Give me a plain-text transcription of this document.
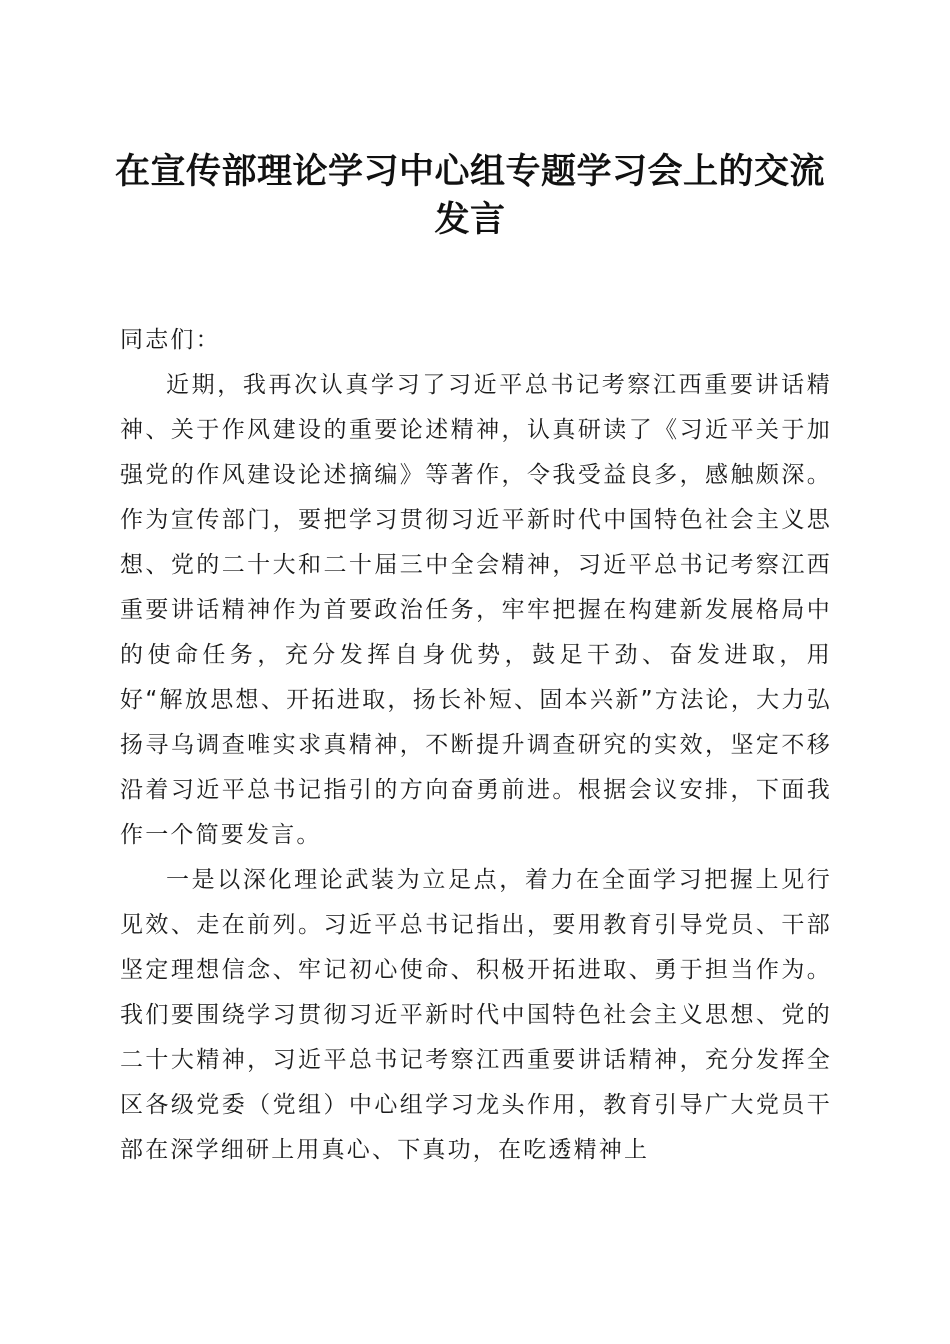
在宣传部理论学习中心组专题学习会上的交流发言

同志们：

近期，我再次认真学习了习近平总书记考察江西重要讲话精神、关于作风建设的重要论述精神，认真研读了《习近平关于加强党的作风建设论述摘编》等著作，令我受益良多，感触颇深。作为宣传部门，要把学习贯彻习近平新时代中国特色社会主义思想、党的二十大和二十届三中全会精神，习近平总书记考察江西重要讲话精神作为首要政治任务，牢牢把握在构建新发展格局中的使命任务，充分发挥自身优势，鼓足干劲、奋发进取，用好“解放思想、开拓进取，扬长补短、固本兴新”方法论，大力弘扬寻乌调查唯实求真精神，不断提升调查研究的实效，坚定不移沿着习近平总书记指引的方向奋勇前进。根据会议安排，下面我作一个简要发言。

一是以深化理论武装为立足点，着力在全面学习把握上见行见效、走在前列。习近平总书记指出，要用教育引导党员、干部坚定理想信念、牢记初心使命、积极开拓进取、勇于担当作为。我们要围绕学习贯彻习近平新时代中国特色社会主义思想、党的二十大精神，习近平总书记考察江西重要讲话精神，充分发挥全区各级党委（党组）中心组学习龙头作用，教育引导广大党员干部在深学细研上用真心、下真功，在吃透精神上
